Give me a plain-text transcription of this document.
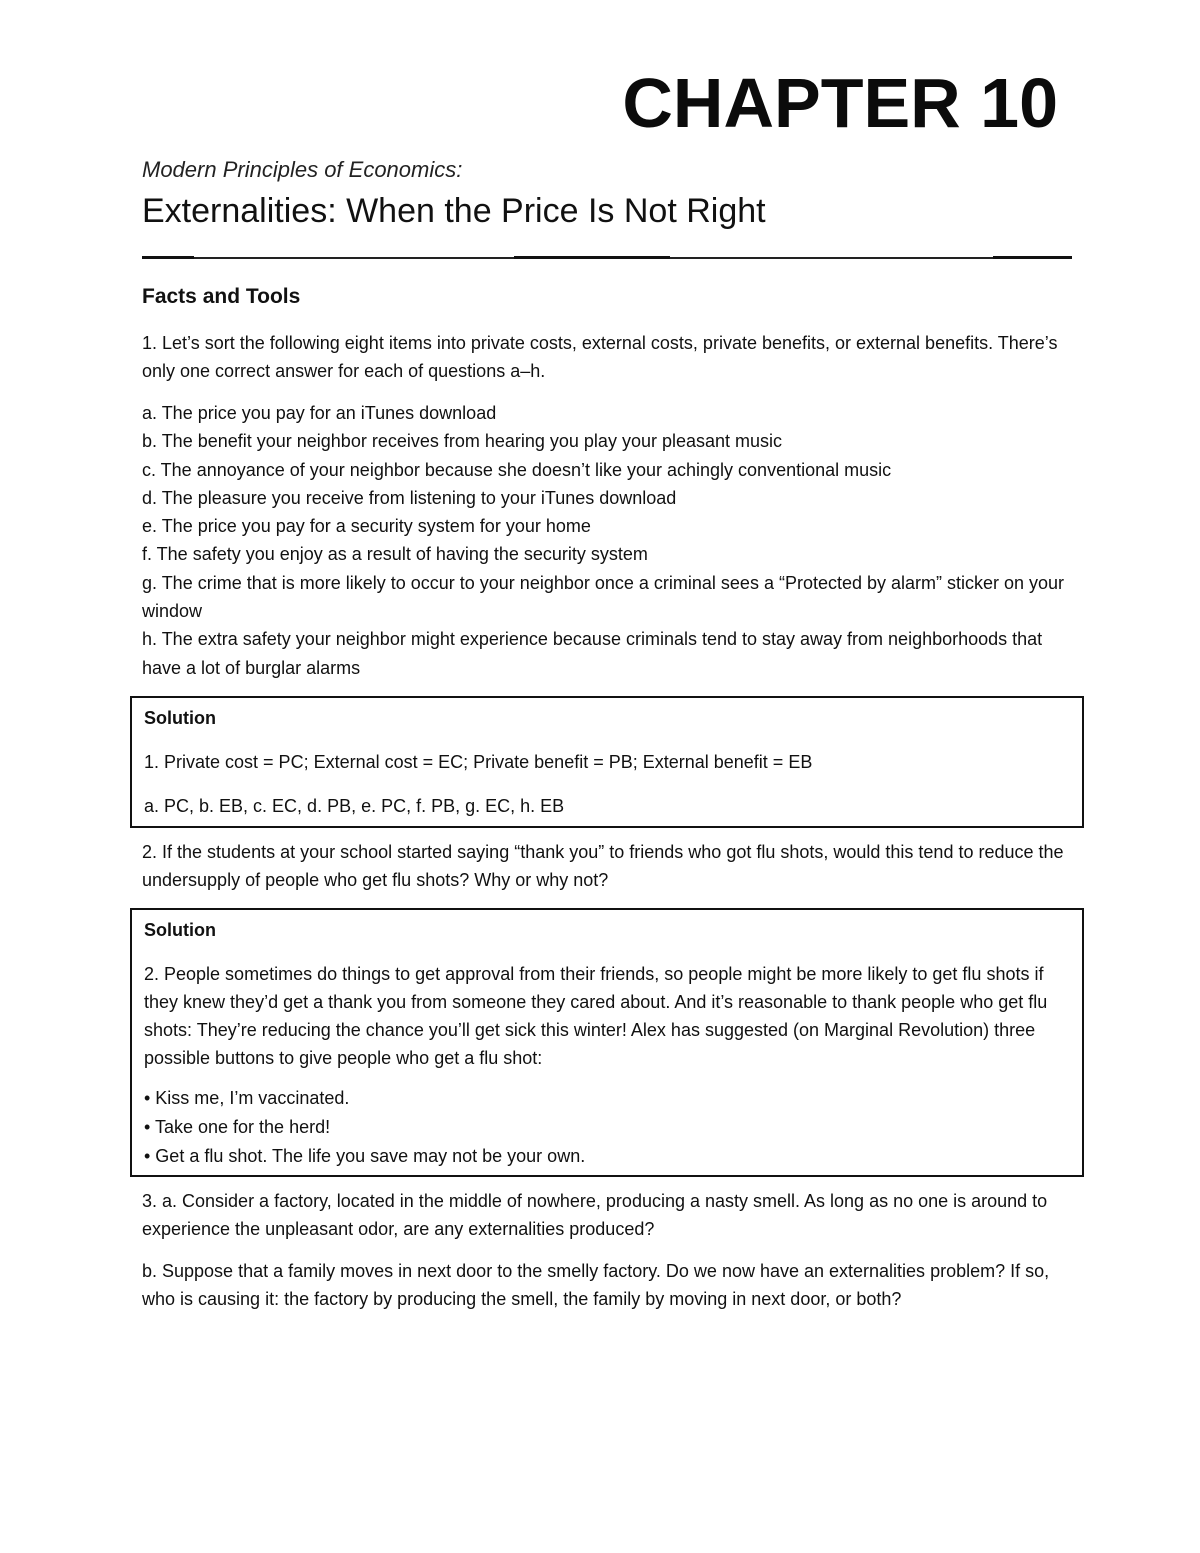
CHAPTER 10
Modern Principles of Economics:
Externalities: When the Price Is Not Right
Facts and Tools

1. Let’s sort the following eight items into private costs, external costs, private benefits, or external benefits. There’s only one correct answer for each of questions a–h.

a. The price you pay for an iTunes download

b. The benefit your neighbor receives from hearing you play your pleasant music

c. The annoyance of your neighbor because she doesn’t like your achingly conventional music

d. The pleasure you receive from listening to your iTunes download

e. The price you pay for a security system for your home

f. The safety you enjoy as a result of having the security system

g. The crime that is more likely to occur to your neighbor once a criminal sees a “Protected by alarm” sticker on your window

h. The extra safety your neighbor might experience because criminals tend to stay away from neighborhoods that have a lot of burglar alarms

Solution

1. Private cost = PC; External cost = EC; Private benefit = PB; External benefit = EB

a. PC, b. EB, c. EC, d. PB, e. PC, f. PB, g. EC, h. EB

2. If the students at your school started saying “thank you” to friends who got flu shots, would this tend to reduce the undersupply of people who get flu shots? Why or why not?

Solution

2. People sometimes do things to get approval from their friends, so people might be more likely to get flu shots if they knew they’d get a thank you from someone they cared about. And it’s reasonable to thank people who get flu shots: They’re reducing the chance you’ll get sick this winter! Alex has suggested (on Marginal Revolution) three possible buttons to give people who get a flu shot:

• Kiss me, I’m vaccinated.

• Take one for the herd!

• Get a flu shot. The life you save may not be your own.

3. a. Consider a factory, located in the middle of nowhere, producing a nasty smell. As long as no one is around to experience the unpleasant odor, are any externalities produced?

b. Suppose that a family moves in next door to the smelly factory. Do we now have an externalities problem? If so, who is causing it: the factory by producing the smell, the family by moving in next door, or both?
